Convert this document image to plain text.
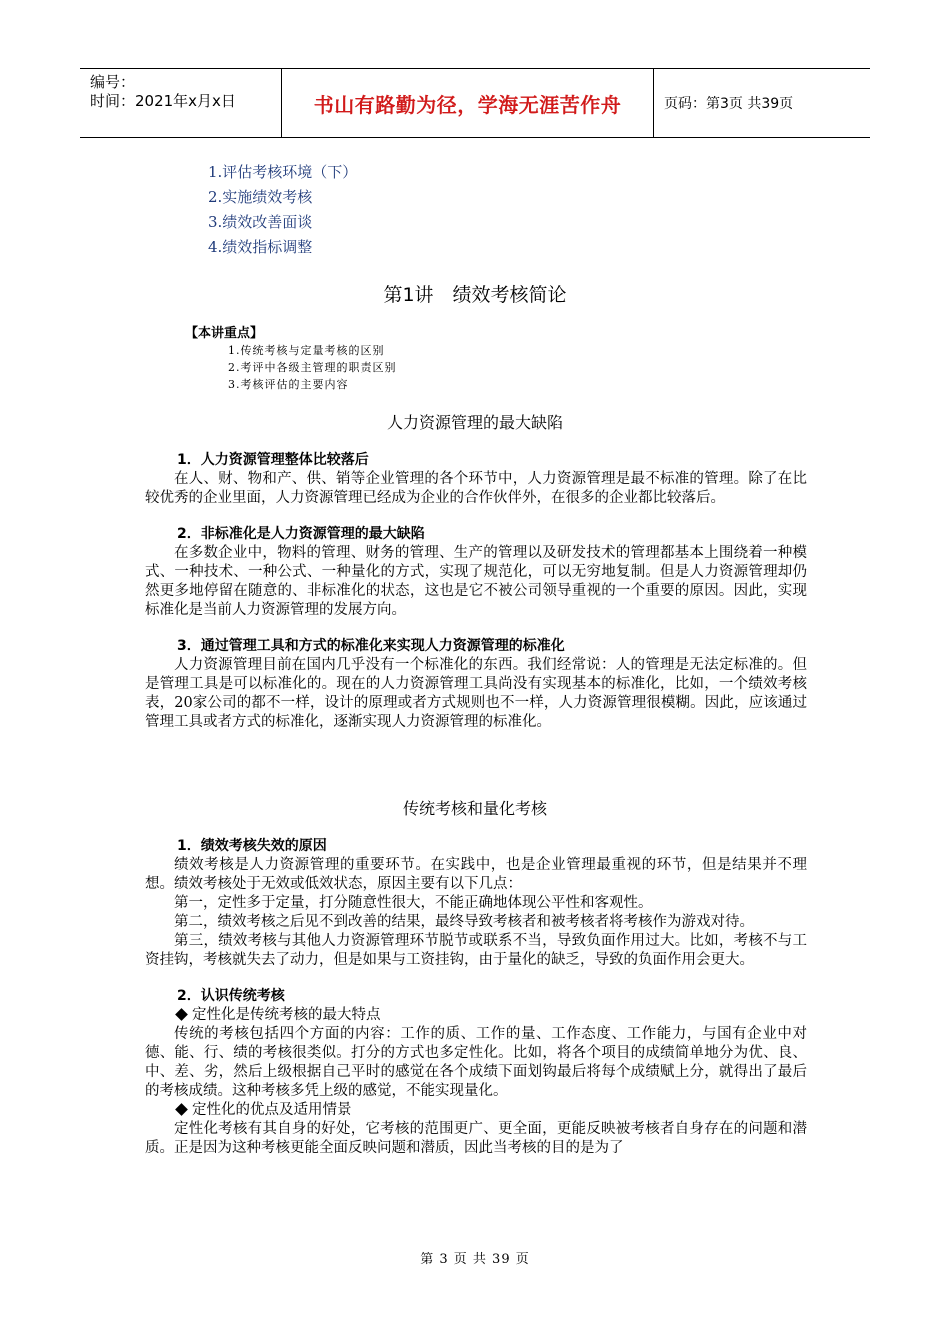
编号：
时间：2021年x月x日	书山有路勤为径，学海无涯苦作舟	页码：第3页 共39页
1.评估考核环境（下）
2.实施绩效考核
3.绩效改善面谈
4.绩效指标调整
第1讲　绩效考核简论
【本讲重点】
1.传统考核与定量考核的区别
2.考评中各级主管理的职责区别
3.考核评估的主要内容
人力资源管理的最大缺陷
1．人力资源管理整体比较落后

在人、财、物和产、供、销等企业管理的各个环节中，人力资源管理是最不标准的管理。除了在比较优秀的企业里面，人力资源管理已经成为企业的合作伙伴外，在很多的企业都比较落后。

2．非标准化是人力资源管理的最大缺陷

在多数企业中，物料的管理、财务的管理、生产的管理以及研发技术的管理都基本上围绕着一种模式、一种技术、一种公式、一种量化的方式，实现了规范化，可以无穷地复制。但是人力资源管理却仍然更多地停留在随意的、非标准化的状态，这也是它不被公司领导重视的一个重要的原因。因此，实现标准化是当前人力资源管理的发展方向。

3．通过管理工具和方式的标准化来实现人力资源管理的标准化

人力资源管理目前在国内几乎没有一个标准化的东西。我们经常说：人的管理是无法定标准的。但是管理工具是可以标准化的。现在的人力资源管理工具尚没有实现基本的标准化，比如，一个绩效考核表，20家公司的都不一样，设计的原理或者方式规则也不一样，人力资源管理很模糊。因此，应该通过管理工具或者方式的标准化，逐渐实现人力资源管理的标准化。

传统考核和量化考核
1．绩效考核失效的原因

绩效考核是人力资源管理的重要环节。在实践中，也是企业管理最重视的环节，但是结果并不理想。绩效考核处于无效或低效状态，原因主要有以下几点：

第一，定性多于定量，打分随意性很大，不能正确地体现公平性和客观性。

第二，绩效考核之后见不到改善的结果，最终导致考核者和被考核者将考核作为游戏对待。

第三，绩效考核与其他人力资源管理环节脱节或联系不当，导致负面作用过大。比如，考核不与工资挂钩，考核就失去了动力，但是如果与工资挂钩，由于量化的缺乏，导致的负面作用会更大。

2．认识传统考核
定性化是传统考核的最大特点

传统的考核包括四个方面的内容：工作的质、工作的量、工作态度、工作能力，与国有企业中对德、能、行、绩的考核很类似。打分的方式也多定性化。比如，将各个项目的成绩简单地分为优、良、中、差、劣，然后上级根据自己平时的感觉在各个成绩下面划钩最后将每个成绩赋上分，就得出了最后的考核成绩。这种考核多凭上级的感觉，不能实现量化。

定性化的优点及适用情景

定性化考核有其自身的好处，它考核的范围更广、更全面，更能反映被考核者自身存在的问题和潜质。正是因为这种考核更能全面反映问题和潜质，因此当考核的目的是为了

第 3 页 共 39 页
